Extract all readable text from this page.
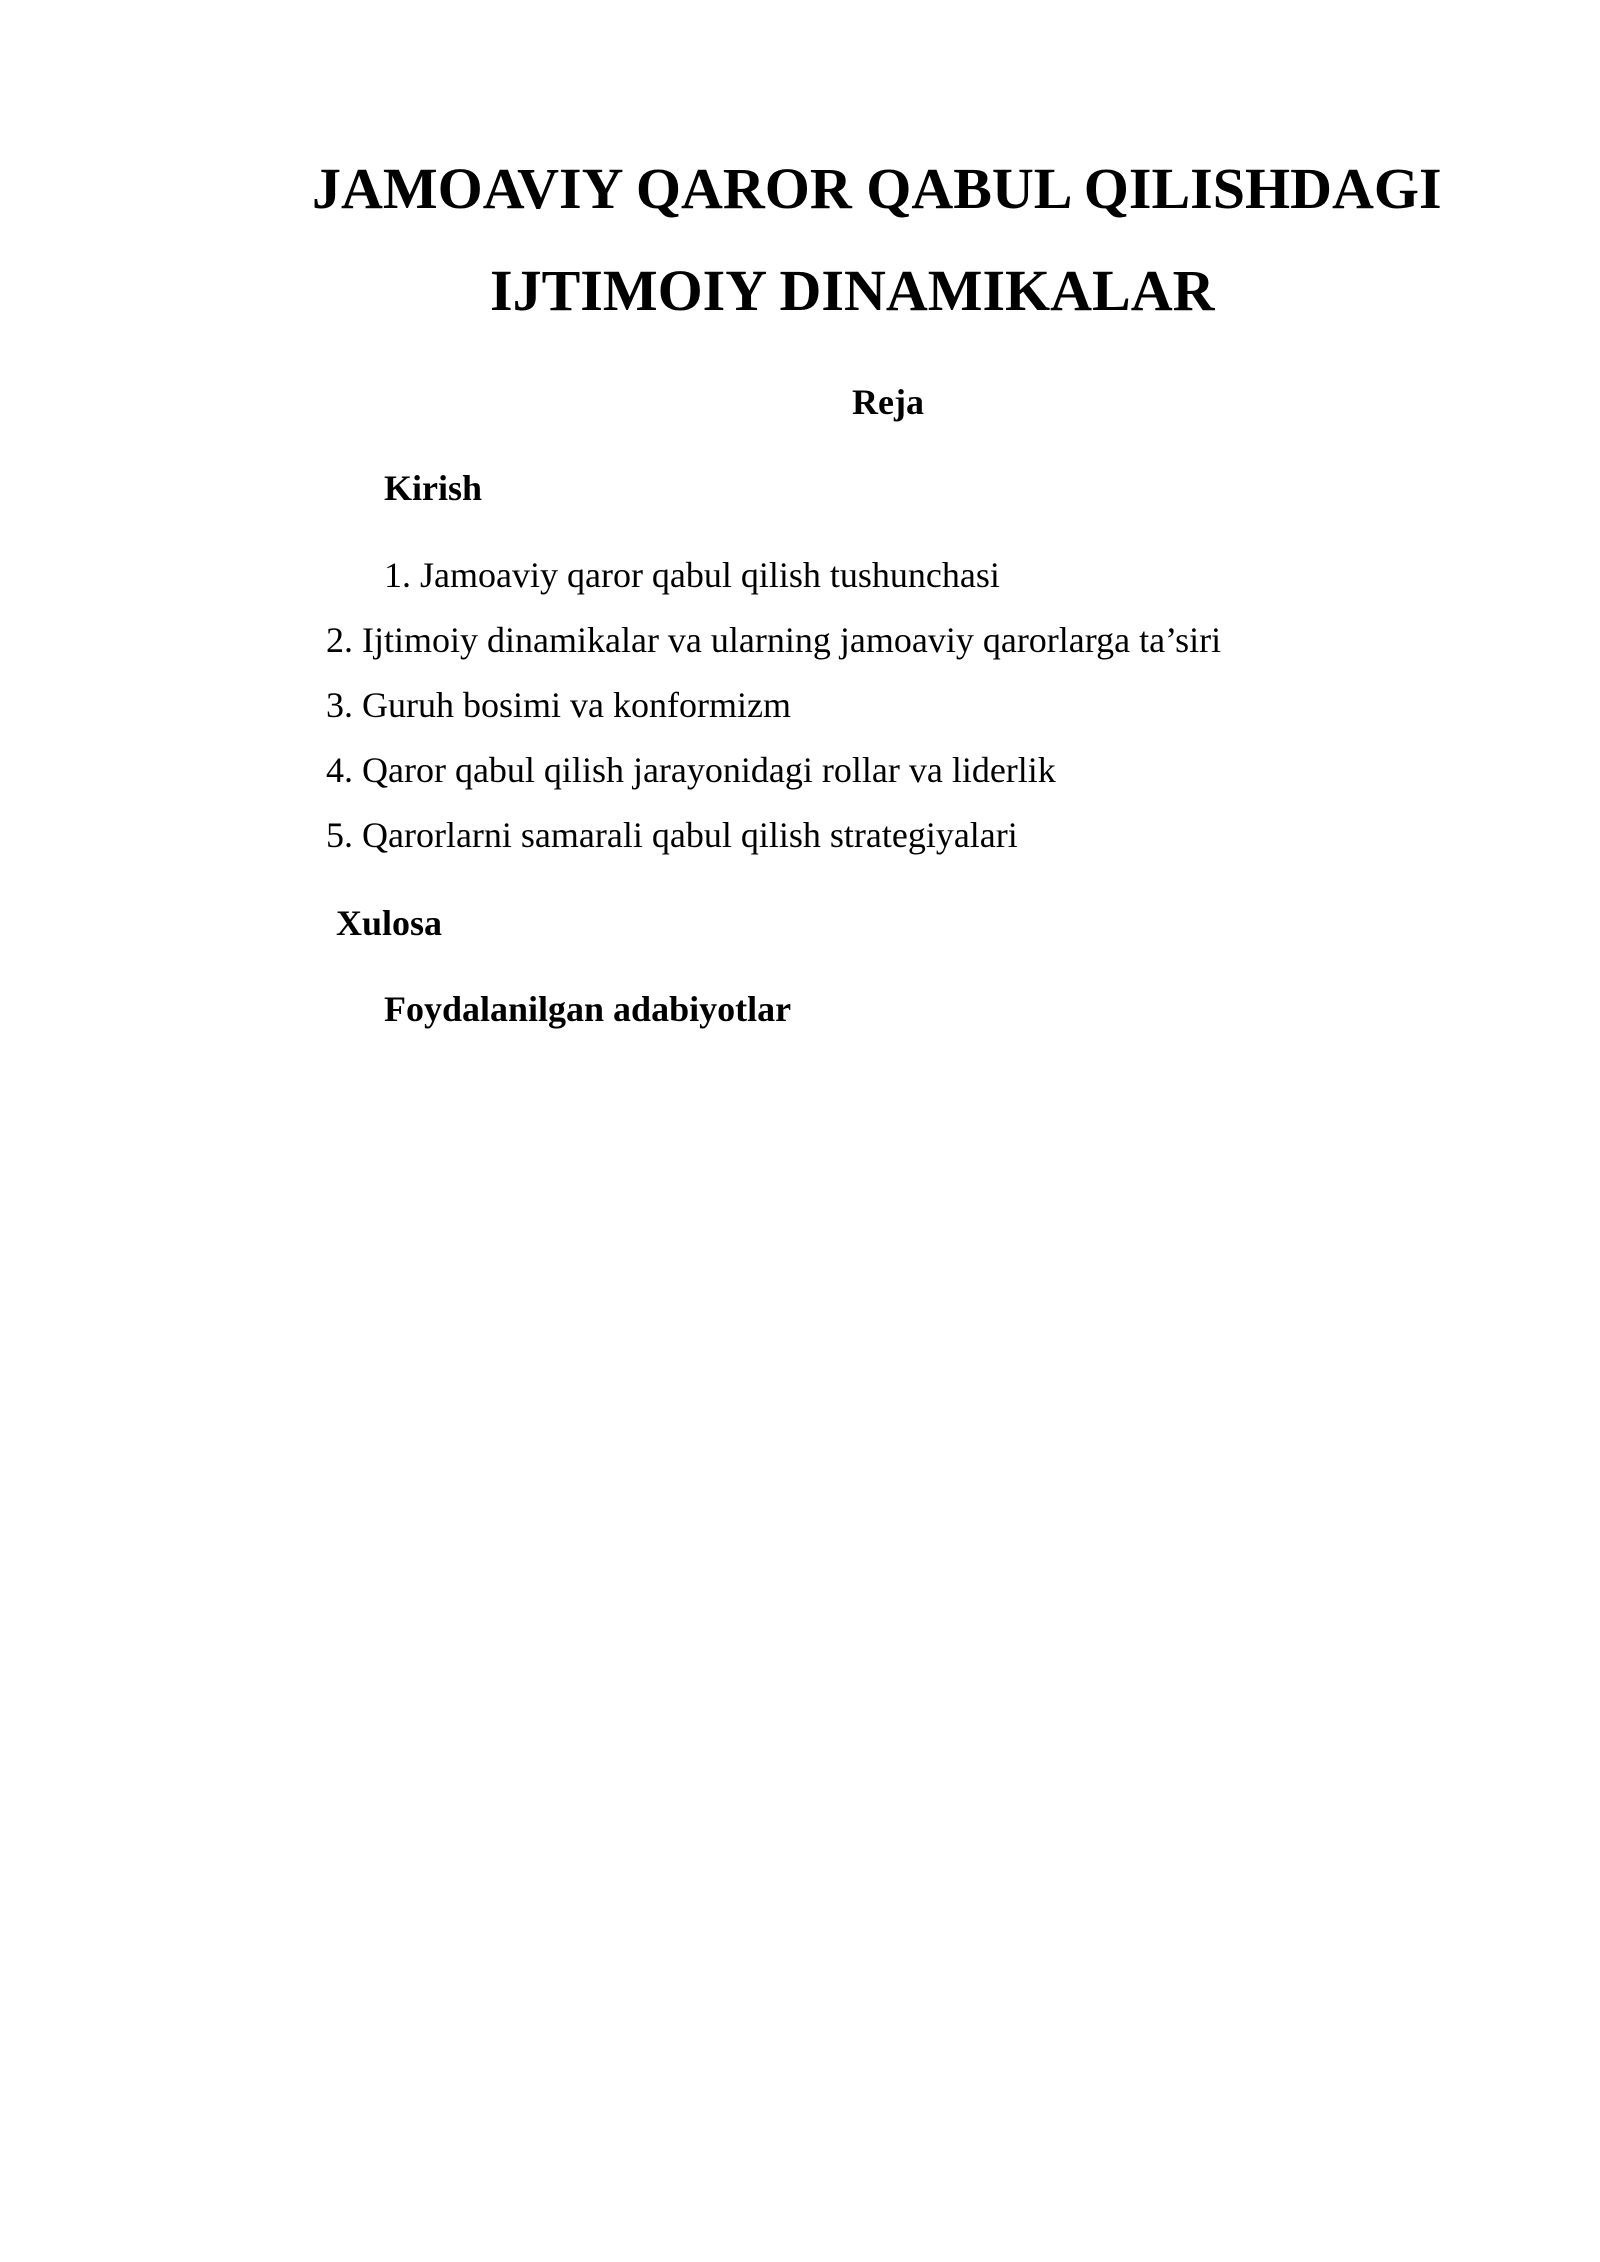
JAMOAVIY QAROR QABUL QILISHDAGI
IJTIMOIY DINAMIKALAR
Reja
Kirish
1. Jamoaviy qaror qabul qilish tushunchasi
2. Ijtimoiy dinamikalar va ularning jamoaviy qarorlarga ta’siri
3. Guruh bosimi va konformizm
4. Qaror qabul qilish jarayonidagi rollar va liderlik
5. Qarorlarni samarali qabul qilish strategiyalari
Xulosa
Foydalanilgan adabiyotlar
